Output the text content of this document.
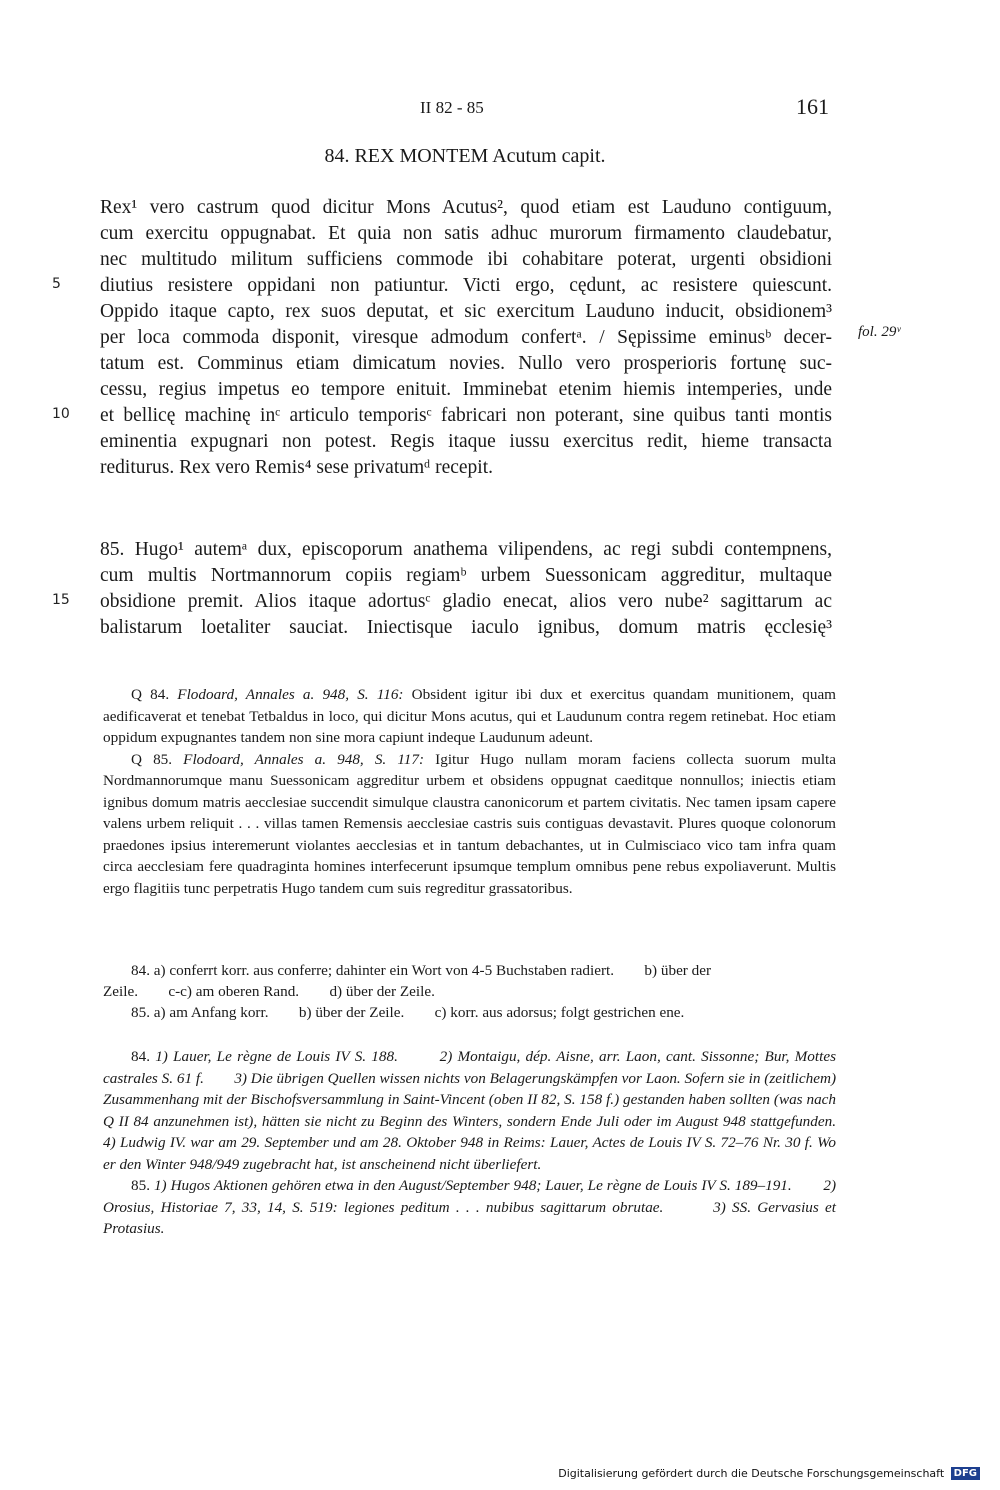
II 82 - 85	161
84. REX MONTEM Acutum capit.
Rex¹ vero castrum quod dicitur Mons Acutus², quod etiam est Lauduno contiguum,
cum exercitu oppugnabat. Et quia non satis adhuc murorum firmamento claudebatur,
nec multitudo militum sufficiens commode ibi cohabitare poterat, urgenti obsidioni
diutius resistere oppidani non patiuntur. Victi ergo, cędunt, ac resistere quiescunt.
Oppido itaque capto, rex suos deputat, et sic exercitum Lauduno inducit, obsidionem³
per loca commoda disponit, viresque admodum confertᵃ. / Sępissime eminusᵇ decer-
tatum est. Comminus etiam dimicatum novies. Nullo vero prosperioris fortunę suc-
cessu, regius impetus eo tempore enituit. Imminebat etenim hiemis intemperies, unde
et bellicę machinę inᶜ articulo temporisᶜ fabricari non poterant, sine quibus tanti montis
eminentia expugnari non potest. Regis itaque iussu exercitus redit, hieme transacta
rediturus. Rex vero Remis⁴ sese privatumᵈ recepit.
5
10
15
fol. 29ᵛ
85. Hugo¹ autemᵃ dux, episcoporum anathema vilipendens, ac regi subdi contempnens,
cum multis Nortmannorum copiis regiamᵇ urbem Suessonicam aggreditur, multaque
obsidione premit. Alios itaque adortusᶜ gladio enecat, alios vero nube² sagittarum ac
balistarum loetaliter sauciat. Iniectisque iaculo ignibus, domum matris ęcclesię³

Q 84. Flodoard, Annales a. 948, S. 116: Obsident igitur ibi dux et exercitus quandam munitionem, quam aedificaverat et tenebat Tetbaldus in loco, qui dicitur Mons acutus, qui et Laudunum contra regem retinebat. Hoc etiam oppidum expugnantes tandem non sine mora capiunt indeque Laudunum adeunt.

Q 85. Flodoard, Annales a. 948, S. 117: Igitur Hugo nullam moram faciens collecta suorum multa Nordmannorumque manu Suessonicam aggreditur urbem et obsidens oppugnat caeditque nonnullos; iniectis etiam ignibus domum matris aecclesiae succendit simulque claustra canonicorum et partem civitatis. Nec tamen ipsam capere valens urbem reliquit . . . villas tamen Remensis aecclesiae castris suis contiguas devastavit. Plures quoque colonorum praedones ipsius interemerunt violantes aecclesias et in tantum debachantes, ut in Culmisciaco vico tam infra quam circa aecclesiam fere quadraginta homines interfecerunt ipsumque templum omnibus pene rebus expoliaverunt. Multis ergo flagitiis tunc perpetratis Hugo tandem cum suis regreditur grassatoribus.

84. a) conferrt korr. aus conferre; dahinter ein Wort von 4-5 Buchstaben radiert.        b) über der

Zeile.        c-c) am oberen Rand.        d) über der Zeile.

85. a) am Anfang korr.        b) über der Zeile.        c) korr. aus adorsus; folgt gestrichen ene.

84. 1) Lauer, Le règne de Louis IV S. 188.        2) Montaigu, dép. Aisne, arr. Laon, cant. Sissonne; Bur, Mottes castrales S. 61 f.        3) Die übrigen Quellen wissen nichts von Belagerungskämpfen vor Laon. Sofern sie in (zeitlichem) Zusammenhang mit der Bischofsversammlung in Saint-Vincent (oben II 82, S. 158 f.) gestanden haben sollten (was nach Q II 84 anzunehmen ist), hätten sie nicht zu Beginn des Winters, sondern Ende Juli oder im August 948 stattgefunden.        4) Ludwig IV. war am 29. September und am 28. Oktober 948 in Reims: Lauer, Actes de Louis IV S. 72–76 Nr. 30 f. Wo er den Winter 948/949 zugebracht hat, ist anscheinend nicht überliefert.

85. 1) Hugos Aktionen gehören etwa in den August/September 948; Lauer, Le règne de Louis IV S. 189–191.        2) Orosius, Historiae 7, 33, 14, S. 519: legiones peditum . . . nubibus sagittarum obrutae.        3) SS. Gervasius et Protasius.

Digitalisierung gefördert durch die Deutsche Forschungsgemeinschaft DFG
